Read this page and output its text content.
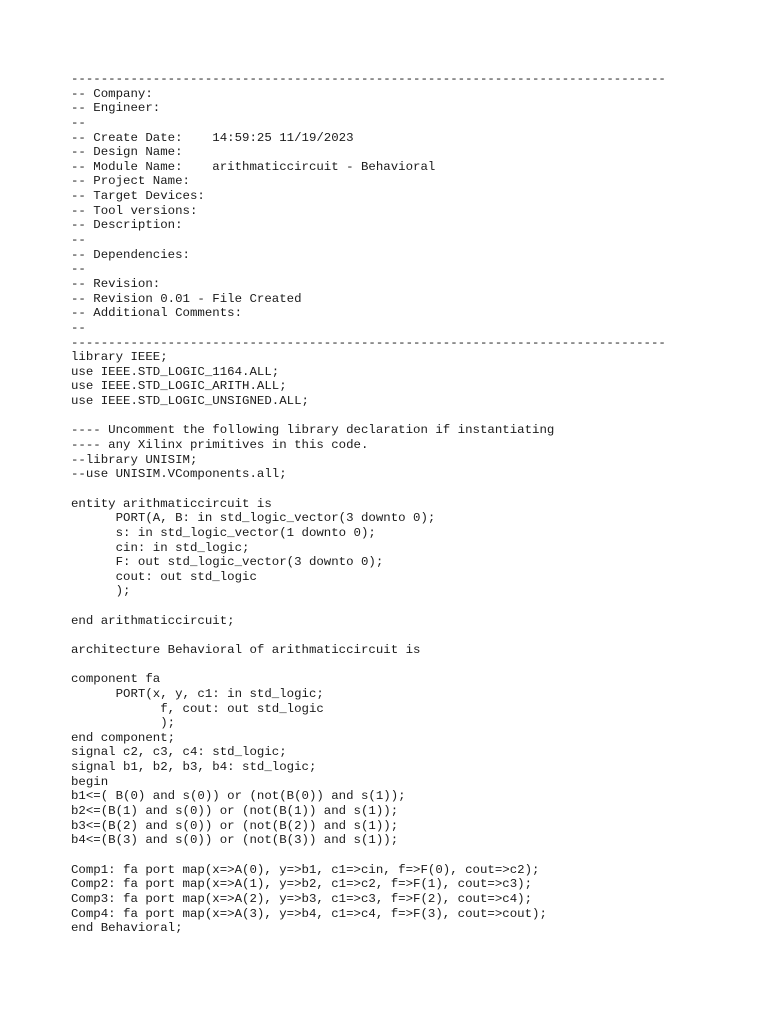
--------------------------------------------------------------------------------
-- Company:
-- Engineer:
--
-- Create Date:    14:59:25 11/19/2023
-- Design Name:
-- Module Name:    arithmaticcircuit - Behavioral
-- Project Name:
-- Target Devices:
-- Tool versions:
-- Description:
--
-- Dependencies:
--
-- Revision:
-- Revision 0.01 - File Created
-- Additional Comments:
--
--------------------------------------------------------------------------------
library IEEE;
use IEEE.STD_LOGIC_1164.ALL;
use IEEE.STD_LOGIC_ARITH.ALL;
use IEEE.STD_LOGIC_UNSIGNED.ALL;
---- Uncomment the following library declaration if instantiating
---- any Xilinx primitives in this code.
--library UNISIM;
--use UNISIM.VComponents.all;
entity arithmaticcircuit is
PORT(A, B: in std_logic_vector(3 downto 0);
s: in std_logic_vector(1 downto 0);
cin: in std_logic;
F: out std_logic_vector(3 downto 0);
cout: out std_logic
);
end arithmaticcircuit;
architecture Behavioral of arithmaticcircuit is
component fa
PORT(x, y, c1: in std_logic;
f, cout: out std_logic
);
end component;
signal c2, c3, c4: std_logic;
signal b1, b2, b3, b4: std_logic;
begin
b1<=( B(0) and s(0)) or (not(B(0)) and s(1));
b2<=(B(1) and s(0)) or (not(B(1)) and s(1));
b3<=(B(2) and s(0)) or (not(B(2)) and s(1));
b4<=(B(3) and s(0)) or (not(B(3)) and s(1));
Comp1: fa port map(x=>A(0), y=>b1, c1=>cin, f=>F(0), cout=>c2);
Comp2: fa port map(x=>A(1), y=>b2, c1=>c2, f=>F(1), cout=>c3);
Comp3: fa port map(x=>A(2), y=>b3, c1=>c3, f=>F(2), cout=>c4);
Comp4: fa port map(x=>A(3), y=>b4, c1=>c4, f=>F(3), cout=>cout);
end Behavioral;
